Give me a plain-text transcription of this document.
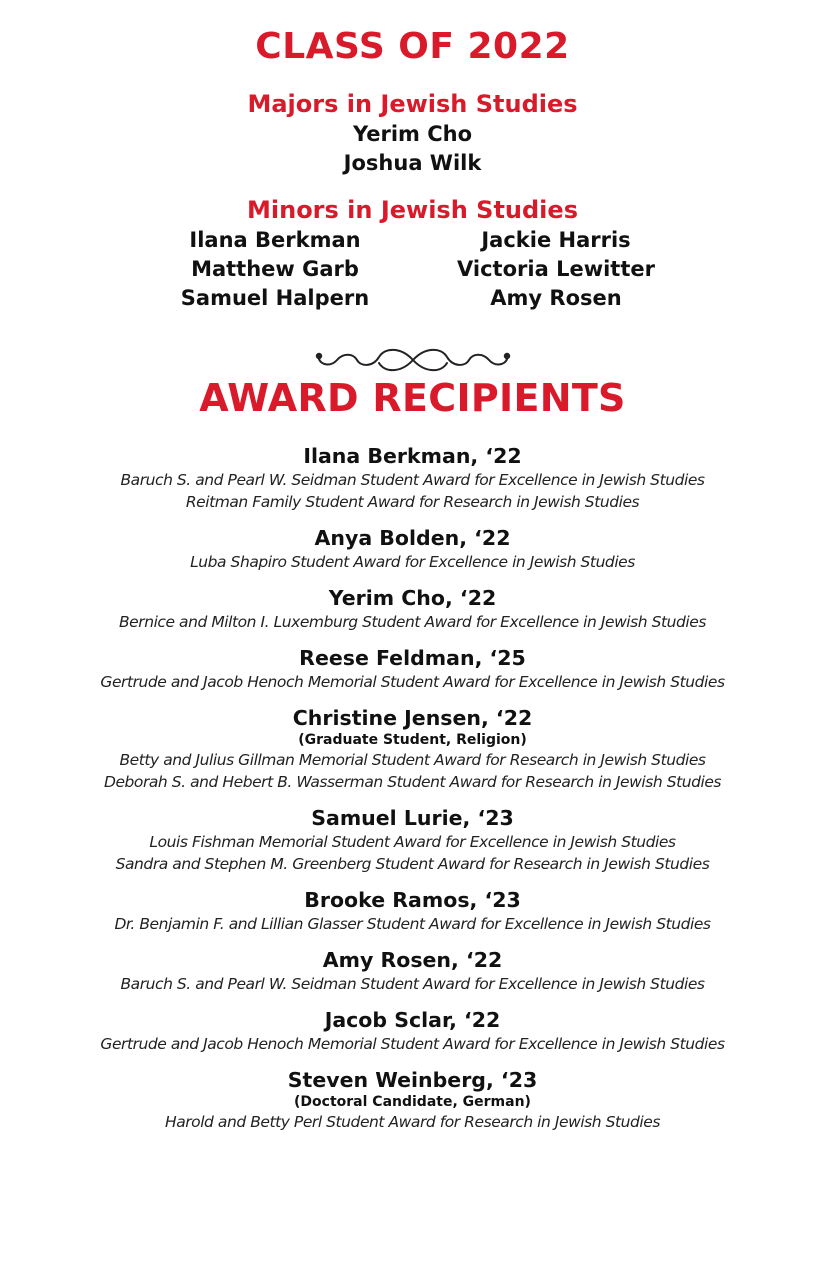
CLASS OF 2022
Majors in Jewish Studies
Yerim Cho
Joshua Wilk
Minors in Jewish Studies
Ilana Berkman
Matthew Garb
Samuel Halpern
Jackie Harris
Victoria Lewitter
Amy Rosen
AWARD RECIPIENTS
Ilana Berkman, ‘22
Baruch S. and Pearl W. Seidman Student Award for Excellence in Jewish Studies
Reitman Family Student Award for Research in Jewish Studies
Anya Bolden, ‘22
Luba Shapiro Student Award for Excellence in Jewish Studies
Yerim Cho, ‘22
Bernice and Milton I. Luxemburg Student Award for Excellence in Jewish Studies
Reese Feldman, ‘25
Gertrude and Jacob Henoch Memorial Student Award for Excellence in Jewish Studies
Christine Jensen, ‘22
(Graduate Student, Religion)
Betty and Julius Gillman Memorial Student Award for Research in Jewish Studies
Deborah S. and Hebert B. Wasserman Student Award for Research in Jewish Studies
Samuel Lurie, ‘23
Louis Fishman Memorial Student Award for Excellence in Jewish Studies
Sandra and Stephen M. Greenberg Student Award for Research in Jewish Studies
Brooke Ramos, ‘23
Dr. Benjamin F. and Lillian Glasser Student Award for Excellence in Jewish Studies
Amy Rosen, ‘22
Baruch S. and Pearl W. Seidman Student Award for Excellence in Jewish Studies
Jacob Sclar, ‘22
Gertrude and Jacob Henoch Memorial Student Award for Excellence in Jewish Studies
Steven Weinberg, ‘23
(Doctoral Candidate, German)
Harold and Betty Perl Student Award for Research in Jewish Studies
